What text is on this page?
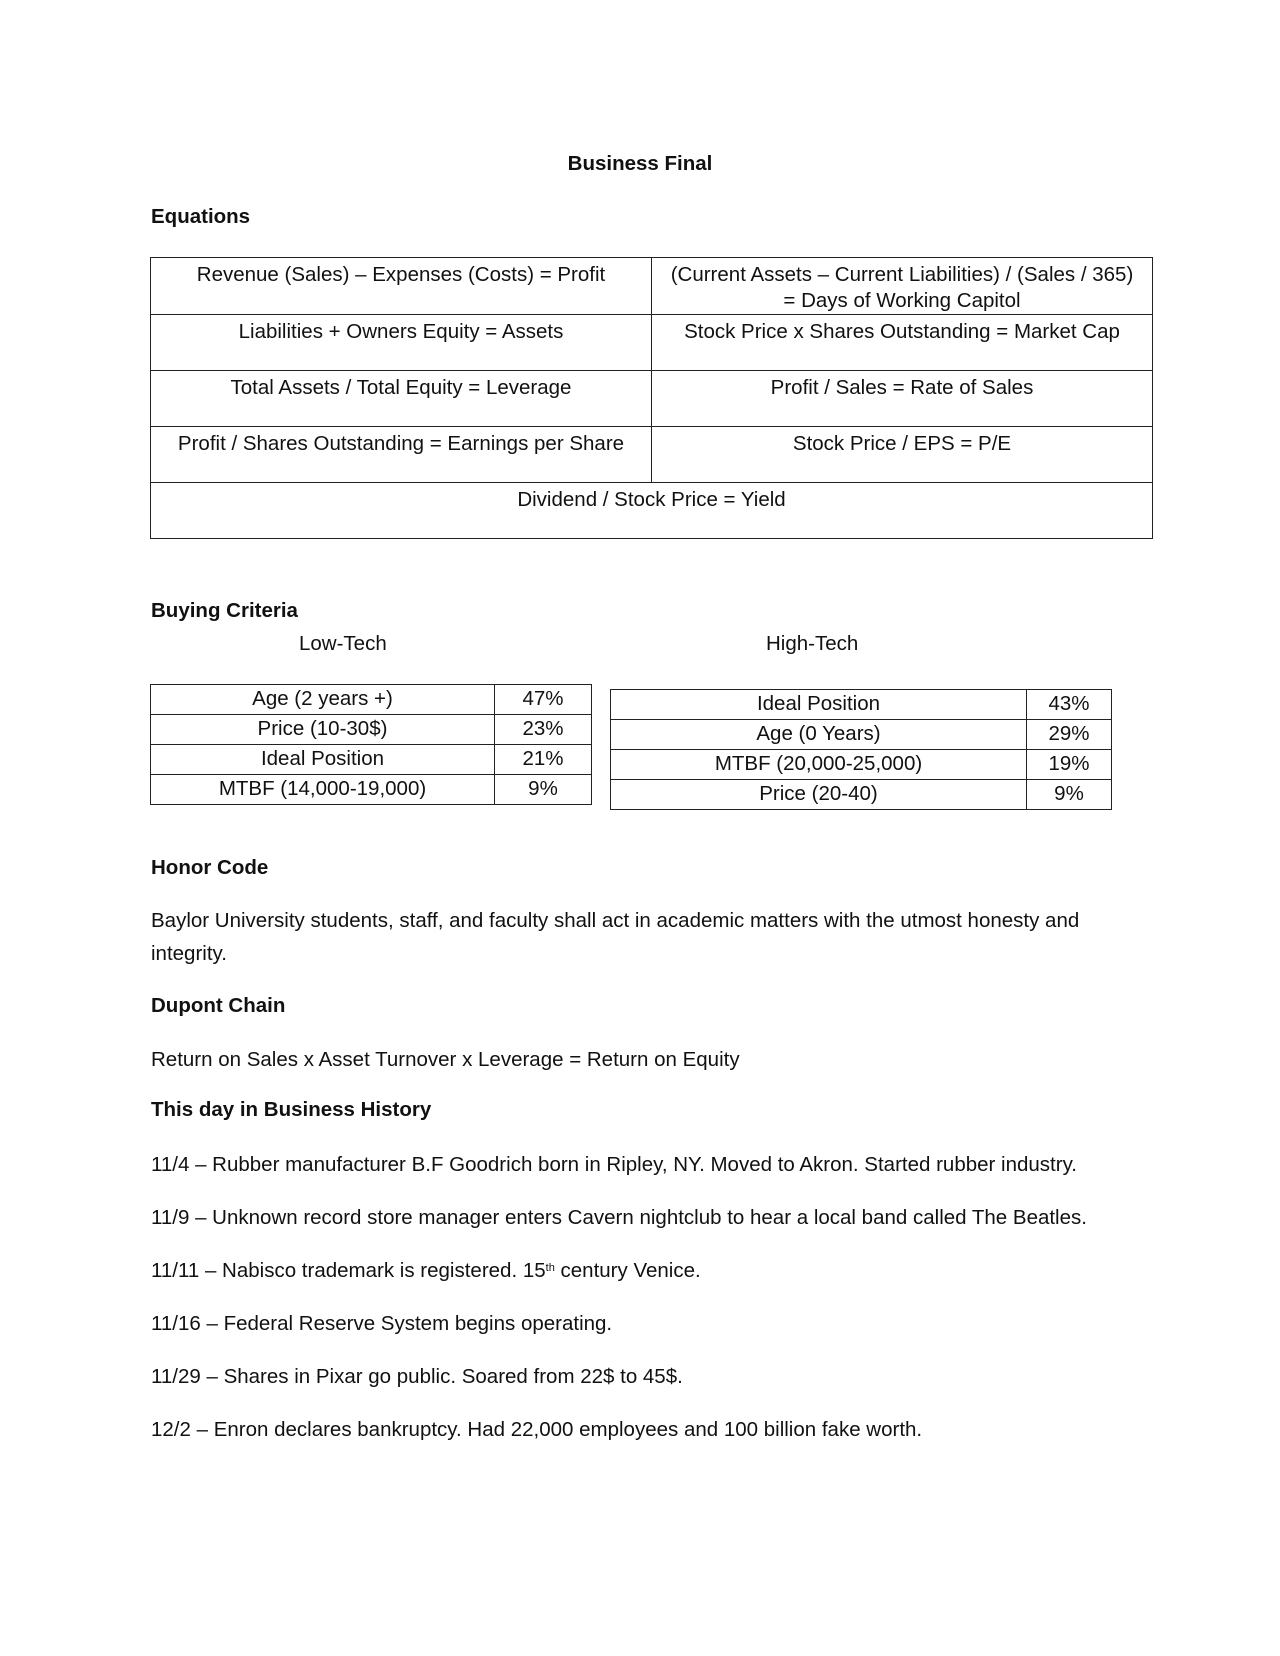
Business Final
Equations
Revenue (Sales) – Expenses (Costs) = Profit	(Current Assets – Current Liabilities) / (Sales / 365)
= Days of Working Capitol

Liabilities + Owners Equity = Assets	Stock Price x Shares Outstanding = Market Cap
Total Assets / Total Equity = Leverage	Profit / Sales = Rate of Sales
Profit / Shares Outstanding = Earnings per Share	Stock Price / EPS = P/E
Dividend / Stock Price = Yield	
Buying Criteria
Low-Tech	High-Tech
Age (2 years +)	47%
Price (10-30$)	23%
Ideal Position	21%
MTBF (14,000-19,000)	9%
Ideal Position	43%
Age (0 Years)	29%
MTBF (20,000-25,000)	19%
Price (20-40)	9%
Honor Code
Baylor University students, staff, and faculty shall act in academic matters with the utmost honesty and integrity.
Dupont Chain
Return on Sales x Asset Turnover x Leverage = Return on Equity
This day in Business History
11/4 – Rubber manufacturer B.F Goodrich born in Ripley, NY. Moved to Akron. Started rubber industry.
11/9 – Unknown record store manager enters Cavern nightclub to hear a local band called The Beatles.
11/11 – Nabisco trademark is registered. 15th century Venice.
11/16 – Federal Reserve System begins operating.
11/29 – Shares in Pixar go public. Soared from 22$ to 45$.
12/2 – Enron declares bankruptcy. Had 22,000 employees and 100 billion fake worth.
